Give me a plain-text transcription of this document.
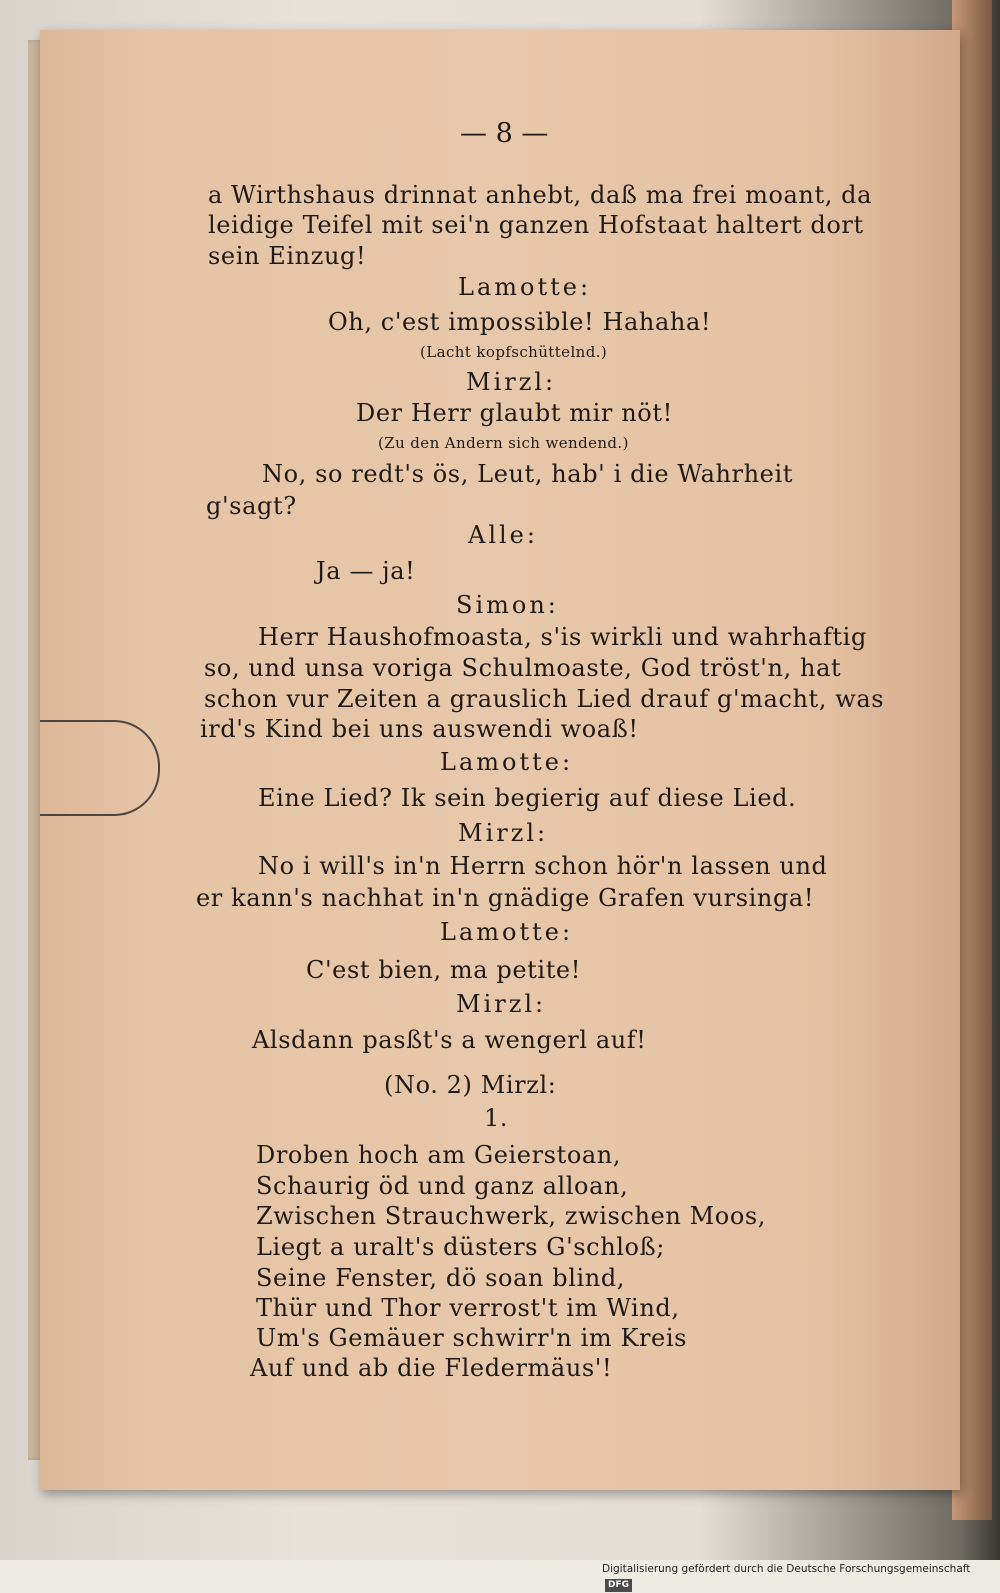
— 8 —
a Wirthshaus drinnat anhebt, daß ma frei moant, da
leidige Teifel mit sei'n ganzen Hofstaat haltert dort
sein Einzug!
Lamotte:
Oh, c'est impossible! Hahaha!
(Lacht kopfschüttelnd.)
Mirzl:
Der Herr glaubt mir nöt!
(Zu den Andern sich wendend.)
No, so redt's ös, Leut, hab' i die Wahrheit
g'sagt?
Alle:
Ja — ja!
Simon:
Herr Haushofmoasta, s'is wirkli und wahrhaftig
so, und unsa voriga Schulmoaste, God tröst'n, hat
schon vur Zeiten a grauslich Lied drauf g'macht, was
ird's Kind bei uns auswendi woaß!
Lamotte:
Eine Lied? Ik sein begierig auf diese Lied.
Mirzl:
No i will's in'n Herrn schon hör'n lassen und
er kann's nachhat in'n gnädige Grafen vursinga!
Lamotte:
C'est bien, ma petite!
Mirzl:
Alsdann pasßt's a wengerl auf!
(No. 2) Mirzl:
1.
Droben hoch am Geierstoan,
Schaurig öd und ganz alloan,
Zwischen Strauchwerk, zwischen Moos,
Liegt a uralt's düsters G'schloß;
Seine Fenster, dö soan blind,
Thür und Thor verrost't im Wind,
Um's Gemäuer schwirr'n im Kreis
Auf und ab die Fledermäus'!
Digitalisierung gefördert durch die Deutsche Forschungsgemeinschaft DFG
